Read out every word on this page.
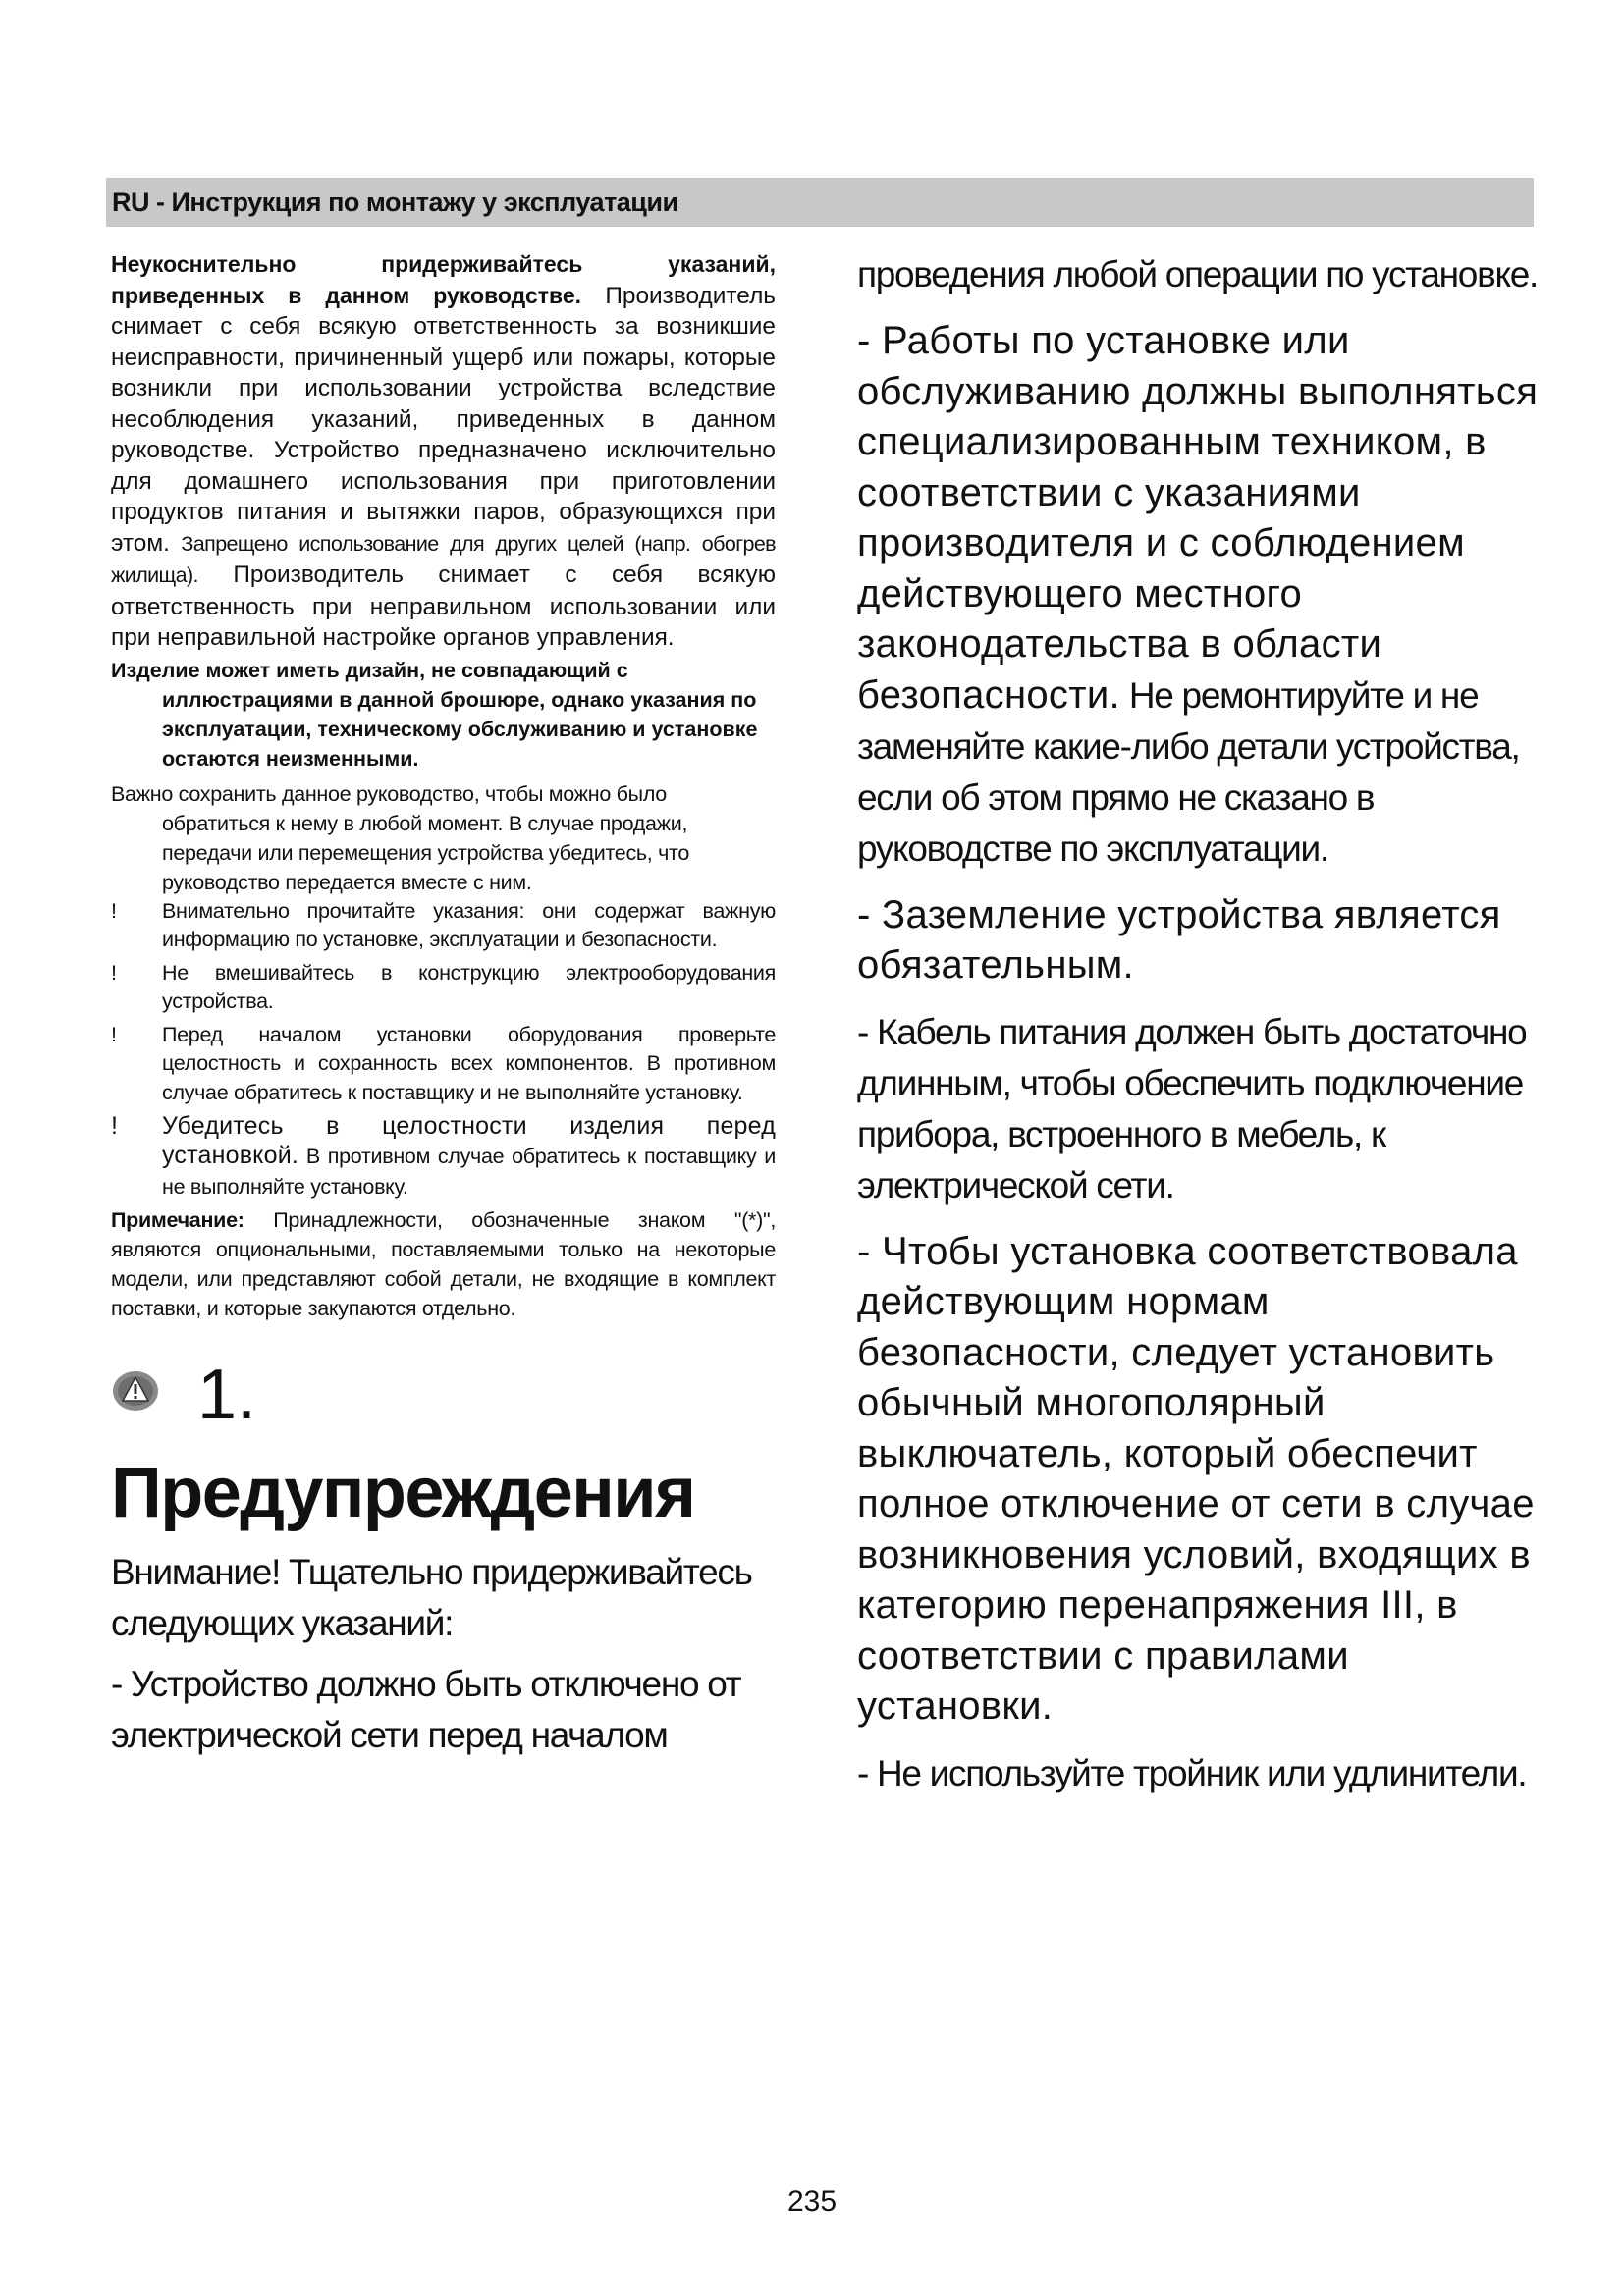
RU - Инструкция по монтажу у эксплуатации

Неукоснительно придерживайтесь указаний, приведенных в данном руководстве. Производитель снимает с себя всякую ответственность за возникшие неисправности, причиненный ущерб или пожары, которые возникли при использовании устройства вследствие несоблюдения указаний, приведенных в данном руководстве. Устройство предназначено исключительно для домашнего использования при приготовлении продуктов питания и вытяжки паров, образующихся при этом. Запрещено использование для других целей (напр. обогрев жилища). Производитель снимает с себя всякую ответственность при неправильном использовании или при неправильной настройке органов управления.

Изделие может иметь дизайн, не совпадающий с иллюстрациями в данной брошюре, однако указания по эксплуатации, техническому обслуживанию и установке остаются неизменными.

Важно сохранить данное руководство, чтобы можно было обратиться к нему в любой момент. В случае продажи, передачи или перемещения устройства убедитесь, что руководство передается вместе с ним.

!	Внимательно прочитайте указания: они содержат важную информацию по установке, эксплуатации и безопасности.
!	Не вмешивайтесь в конструкцию электрооборудования устройства.
!	Перед началом установки оборудования проверьте целостность и сохранность всех компонентов. В противном случае обратитесь к поставщику и не выполняйте установку.
!	Убедитесь в целостности изделия перед установкой. В противном случае обратитесь к поставщику и не выполняйте установку.

Примечание: Принадлежности, обозначенные знаком "(*)", являются опциональными, поставляемыми только на некоторые модели, или представляют собой детали, не входящие в комплект поставки, и которые закупаются отдельно.

1.

Предупреждения

Внимание! Тщательно придерживайтесь следующих указаний:

- Устройство должно быть отключено от электрической сети перед началом

проведения любой операции по установке.

- Работы по установке или обслуживанию должны выполняться специализированным техником, в соответствии с указаниями производителя и с соблюдением действующего местного законодательства в области безопасности. Не ремонтируйте и не заменяйте какие-либо детали устройства, если об этом прямо не сказано в руководстве по эксплуатации.

- Заземление устройства является обязательным.

- Кабель питания должен быть достаточно длинным, чтобы обеспечить подключение прибора, встроенного в мебель, к электрической сети.

- Чтобы установка соответствовала действующим нормам безопасности, следует установить обычный многополярный выключатель, который обеспечит полное отключение от сети в случае возникновения условий, входящих в категорию перенапряжения III, в соответствии с правилами установки.

- Не используйте тройник или удлинители.

235
